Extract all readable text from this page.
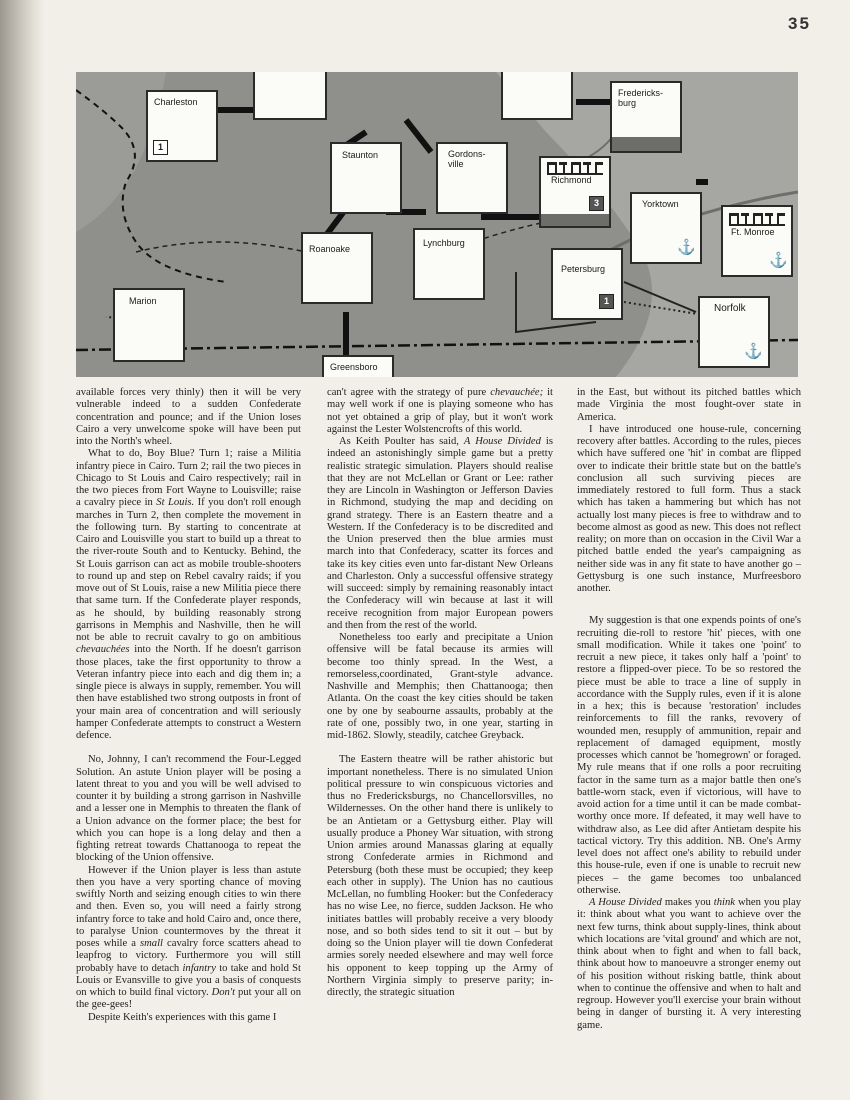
35
Charleston
1
Staunton	Gordons-
ville
Fredericks-
burg
Richmond
3	Yorktown
⚓
Ft. Monroe
⚓
Roanoake
Lynchburg
Petersburg
1
Marion
Norfolk
⚓
Greensboro

available forces very thinly) then it will be very vulnerable indeed to a sudden Confederate concentration and pounce; and if the Union loses Cairo a very unwelcome spoke will have been put into the North's wheel.

What to do, Boy Blue? Turn 1; raise a Militia infantry piece in Cairo. Turn 2; rail the two pieces in Chicago to St Louis and Cairo respectively; rail in the two pieces from Fort Wayne to Louisville; raise a cavalry piece in St Louis. If you don't roll enough marches in Turn 2, then complete the movement in the following turn. By starting to concentrate at Cairo and Louisville you start to build up a threat to the river-route South and to Kentucky. Behind, the St Louis garrison can act as mobile trouble-shooters to round up and step on Rebel cavalry raids; if you move out of St Louis, raise a new Militia piece there that same turn. If the Confederate player responds, as he should, by building reasonably strong garrisons in Memphis and Nashville, then he will not be able to recruit cavalry to go on ambitious chevauchées into the North. If he doesn't garrison those places, take the first opportunity to throw a Veteran infantry piece into each and dig them in; a single piece is always in supply, remember. You will then have established two strong outposts in front of your main area of concentration and will seriously hamper Confederate attempts to construct a Western defence.

No, Johnny, I can't recommend the Four-Legged Solution. An astute Union player will be posing a latent threat to you and you will be well advised to counter it by building a strong garrison in Nashville and a lesser one in Memphis to threaten the flank of a Union advance on the former place; the best for which you can hope is a long delay and then a fighting retreat towards Chattanooga to repeat the blocking of the Union offensive.

However if the Union player is less than astute then you have a very sporting chance of moving swiftly North and seizing enough cities to win there and then. Even so, you will need a fairly strong infantry force to take and hold Cairo and, once there, to paralyse Union countermoves by the threat it poses while a small cavalry force scatters ahead to leapfrog to victory. Furthermore you will still probably have to detach infantry to take and hold St Louis or Evansville to give you a basis of conquests on which to build final victory. Don't put your all on the gee-gees!

Despite Keith's experiences with this game I

can't agree with the strategy of pure chevauchée; it may well work if one is playing someone who has not yet obtained a grip of play, but it won't work against the Lester Wolstencrofts of this world.

As Keith Poulter has said, A House Divided is indeed an astonishingly simple game but a pretty realistic strategic simulation. Players should realise that they are not McLellan or Grant or Lee: rather they are Lincoln in Washington or Jefferson Davies in Richmond, studying the map and deciding on grand strategy. There is an Eastern theatre and a Western. If the Confederacy is to be discredited and the Union preserved then the blue armies must march into that Confederacy, scatter its forces and take its key cities even unto far-distant New Orleans and Charleston. Only a successful offensive strategy will succeed: simply by remaining reasonably intact the Confederacy will win because at last it will receive recognition from major European powers and then from the rest of the world.

Nonetheless too early and precipitate a Union offensive will be fatal because its armies will become too thinly spread. In the West, a remorseless,coordinated, Grant-style advance. Nashville and Memphis; then Chattanooga; then Atlanta. On the coast the key cities should be taken one by one by seabourne assaults, probably at the rate of one, possibly two, in one year, starting in mid-1862. Slowly, steadily, catchee Greyback.

The Eastern theatre will be rather ahistoric but important nonetheless. There is no simulated Union political pressure to win conspicuous victories and thus no Fredericksburgs, no Chancellorsvilles, no Wildernesses. On the other hand there is unlikely to be an Antietam or a Gettysburg either. Play will usually produce a Phoney War situation, with strong Union armies around Manassas glaring at equally strong Confederate armies in Richmond and Petersburg (both these must be occupied; they keep each other in supply). The Union has no cautious McLellan, no fumbling Hooker: but the Confederacy has no wise Lee, no fierce, sudden Jackson. He who initiates battles will probably receive a very bloody nose, and so both sides tend to sit it out – but by doing so the Union player will tie down Confederat armies sorely needed elsewhere and may well force his opponent to keep topping up the Army of Northern Virginia simply to preserve parity; in-directly, the strategic situation

in the East, but without its pitched battles which made Virginia the most fought-over state in America.

I have introduced one house-rule, concerning recovery after battles. According to the rules, pieces which have suffered one 'hit' in combat are flipped over to indicate their brittle state but on the battle's conclusion all such surviving pieces are immediately restored to full form. Thus a stack which has taken a hammering but which has not actually lost many pieces is free to withdraw and to become almost as good as new. This does not reflect reality; on more than on occasion in the Civil War a pitched battle ended the year's campaigning as neither side was in any fit state to have another go – Gettysburg is one such instance, Murfreesboro another.

My suggestion is that one expends points of one's recruiting die-roll to restore 'hit' pieces, with one small modification. While it takes one 'point' to recruit a new piece, it takes only half a 'point' to restore a flipped-over piece. To be so restored the piece must be able to trace a line of supply in accordance with the Supply rules, even if it is alone in a hex; this is because 'restoration' includes reinforcements to fill the ranks, revovery of wounded men, resupply of ammunition, repair and replacement of damaged equipment, mostly processes which cannot be 'homegrown' or foraged. My rule means that if one rolls a poor recruiting factor in the same turn as a major battle then one's battle-worn stack, even if victorious, will have to avoid action for a time until it can be made combat-worthy once more. If defeated, it may well have to withdraw also, as Lee did after Antietam despite his tactical victory. Try this addition. NB. One's Army level does not affect one's ability to rebuild under this house-rule, even if one is unable to recruit new pieces – the game becomes too unbalanced otherwise.

A House Divided makes you think when you play it: think about what you want to achieve over the next few turns, think about supply-lines, think about which locations are 'vital ground' and which are not, think about when to fight and when to fall back, think about how to manoeuvre a stronger enemy out of his position without risking battle, think about when to continue the offensive and when to halt and regroup. However you'll exercise your brain without being in danger of bursting it. A very interesting game.
